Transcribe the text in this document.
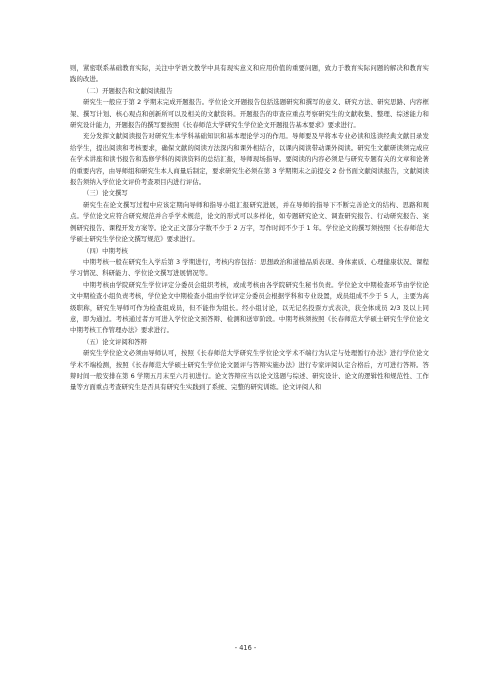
则，紧密联系基础教育实际，关注中学语文教学中具有现实意义和应用价值的重要问题，致力于教育实际问题的解决和教育实践的改进。

（二）开题报告和文献阅读报告

研究生一般应于第 2 学期末完成开题报告。学位论文开题报告包括选题研究和撰写的意义、研究方法、研究思路、内容框架、撰写计划、核心观点和创新所可以及相关的文献资料。开题报告的审查应重点考察研究生的文献收集、整理、综述能力和研究设计能力，开题报告的撰写要按照《长春师范大学研究生学位论文开题报告基本要求》要求进行。

充分发挥文献阅读报告对研究生本学科基础知识和基本理论学习的作用。导师要及早将本专业必读和选读经典文献目录发给学生，提出阅读和考核要求，确保文献的阅读方法深内和课外相结合，以课内阅读带动课外阅读。研究生文献研读须完成应在学术讲座和读书报告和选修学科的阅读资料的总结汇报，导师现场指导。要阅读的内容必须是与研究专题有关的文章和论著的重要内容，由导师组和研究生本人商量后制定，要求研究生必须在第 3 学期期末之前提交 2 份书面文献阅读报告，文献阅读报告须纳入学位论文评价考查项目内进行评估。

（三）论文撰写

研究生在论文撰写过程中应该定期向导师和指导小组汇报研究进展，并在导师的指导下不断完善论文的结构、思路和观点。学位论文应符合研究规范并合乎学术规范，论文的形式可以多样化，如专题研究论文、调查研究报告、行动研究报告、案例研究报告、课程开发方案等。论文正文部分字数不少于 2 万字，写作时间不少于 1 年。学位论文的撰写须按照《长春师范大学硕士研究生学位论文撰写规范》要求进行。

（四）中期考核

中期考核一般在研究生入学后第 3 学期进行，考核内容包括：思想政治和道德品质表现、身体素质、心理健康状况、课程学习情况、科研能力、学位论文撰写进展情况等。

中期考核由学院研究生学位评定分委员会组织考核，或成考核由各学院研究生秘书负责。学位论文中期检查环节由学位论文中期检查小组负责考核，学位论文中期检查小组由学位评定分委员会根据学科和专业设置，成员组成不少于 5 人，主要为高级职称，研究生导师可作为检查组成员，但不能作为组长。经小组讨论，以无记名投票方式表决，获全体成员 2/3 及以上同意，即为通过。考核通过者方可进入学位论文预答辩、检测和送审阶段。中期考核须按照《长春师范大学硕士研究生学位论文中期考核工作管理办法》要求进行。

（五）论文评阅和答辩

研究生学位论文必须由导师认可，按照《长春师范大学研究生学位论文学术不端行为认定与处理暂行办法》进行学位论文学术不端检测，按照《长春师范大学硕士研究生学位论文匿评与答辩实施办法》进行专家评阅认定合格后，方可进行答辩。答辩时间一般安排在第 6 学期五月末至六月初进行。论文答辩应当以论文选题与综述、研究设计、论文的逻辑性和规范性、工作量等方面重点考查研究生是否具有研究生实践到了系统、完整的研究训练。论文评阅人和

- 416 -
